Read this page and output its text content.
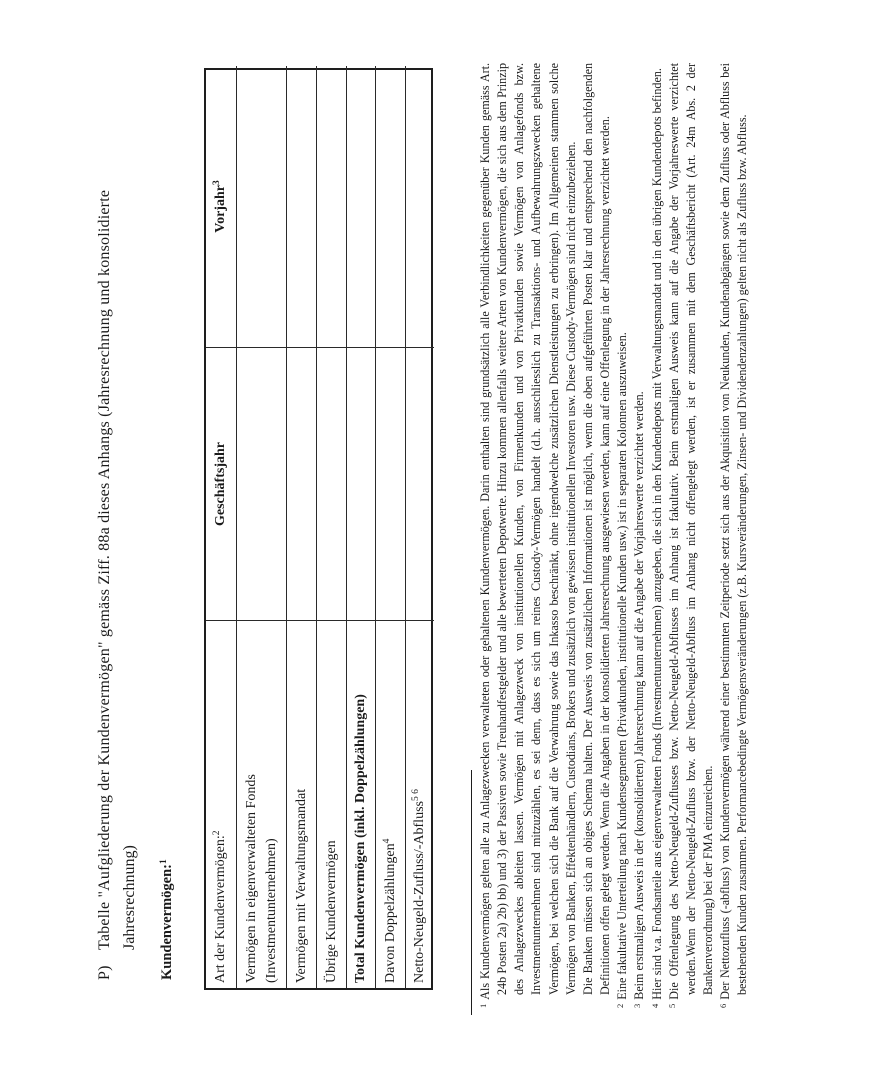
P)Tabelle "Aufgliederung der Kundenvermögen" gemäss Ziff. 88a dieses Anhangs (Jahresrechnung und konsolidierte Jahresrechnung) Kundenvermögen:$^1$	Art der Kundenvermögen:$^2$
Geschäftsjahr
Vorjahr$^3$
Vermögen in eigenverwalteten Fonds (Investmentunternehmen) Vermögen mit Verwaltungsmandat Übrige Kundenvermögen Total Kundenvermögen (inkl. Doppelzählungen) Davon Doppelzählungen$^4$	Netto-Neugeld-Zufluss/-Abfluss$^{5 6}$
$^1$Als Kundenvermögen gelten alle zu Anlagezwecken verwalteten oder gehaltenen Kundenvermögen. Darin enthalten sind grundsätzlich alle Verbindlichkeiten gegenüber Kunden gemäss Art. 24b Posten 2a) 2b) bb) und 3) der Passiven sowie Treuhandfestgelder und alle bewerteten Depotwerte. Hinzu kommen allenfalls weitere Arten von Kundenvermögen, die sich aus dem Prinzip des Anlagezweckes ableiten lassen. Vermögen mit Anlagezweck von institutionellen Kunden, von Firmenkunden und von Privatkunden sowie Vermögen von Anlagefonds bzw. Investmentunternehmen sind mitzuzählen, es sei denn, dass es sich um reines Custody-Vermögen handelt (d.h. ausschliesslich zu Transaktions- und Aufbewahrungszwecken gehaltene Vermögen, bei welchen sich die Bank auf die Verwahrung sowie das Inkasso beschränkt, ohne irgendwelche zusätzlichen Dienstleistungen zu erbringen). Im Allgemeinen stammen solche Vermögen von Banken, Effektenhändlern, Custodians, Brokers und zusätzlich von gewissen institutionellen Investoren usw. Diese Custody-Vermögen sind nicht einzubeziehen. Die Banken müssen sich an obiges Schema halten. Der Ausweis von zusätzlichen Informationen ist möglich, wenn die oben aufgeführten Posten klar und entsprechend den nachfolgenden Definitionen offen gelegt werden. Wenn die Angaben in der konsolidierten Jahresrechnung ausgewiesen werden, kann auf eine Offenlegung in der Jahresrechnung verzichtet werden.
$^2$Eine fakultative Unterteilung nach Kundensegmenten (Privatkunden, institutionelle Kunden usw.) ist in separaten Kolonnen auszuweisen.
$^3$Beim erstmaligen Ausweis in der (konsolidierten) Jahresrechnung kann auf die Angabe der Vorjahreswerte verzichtet werden.
$^4$Hier sind v.a. Fondsanteile aus eigenverwalteten Fonds (Investmentunternehmen) anzugeben, die sich in den Kundendepots mit Verwaltungsmandat und in den übrigen Kundendepots befinden.
$^5$Die Offenlegung des Netto-Neugeld-Zuflusses bzw. Netto-Neugeld-Abflusses im Anhang ist fakultativ. Beim erstmaligen Ausweis kann auf die Angabe der Vorjahreswerte verzichtet werden.Wenn der Netto-Neugeld-Zufluss bzw. der Netto-Neugeld-Abfluss im Anhang nicht offengelegt werden, ist er zusammen mit dem Geschäftsbericht (Art. 24m Abs. 2 der Bankenverordnung) bei der FMA einzureichen.
$^6$Der Nettozufluss (-abfluss) von Kundenvermögen während einer bestimmten Zeitperiode setzt sich aus der Akquisition von Neukunden, Kundenabgängen sowie dem Zufluss oder Abfluss bei bestehenden Kunden zusammen. Performancebedingte Vermögensveränderungen (z.B. Kursveränderungen, Zinsen- und Dividendenzahlungen) gelten nicht als Zufluss bzw. Abfluss.
